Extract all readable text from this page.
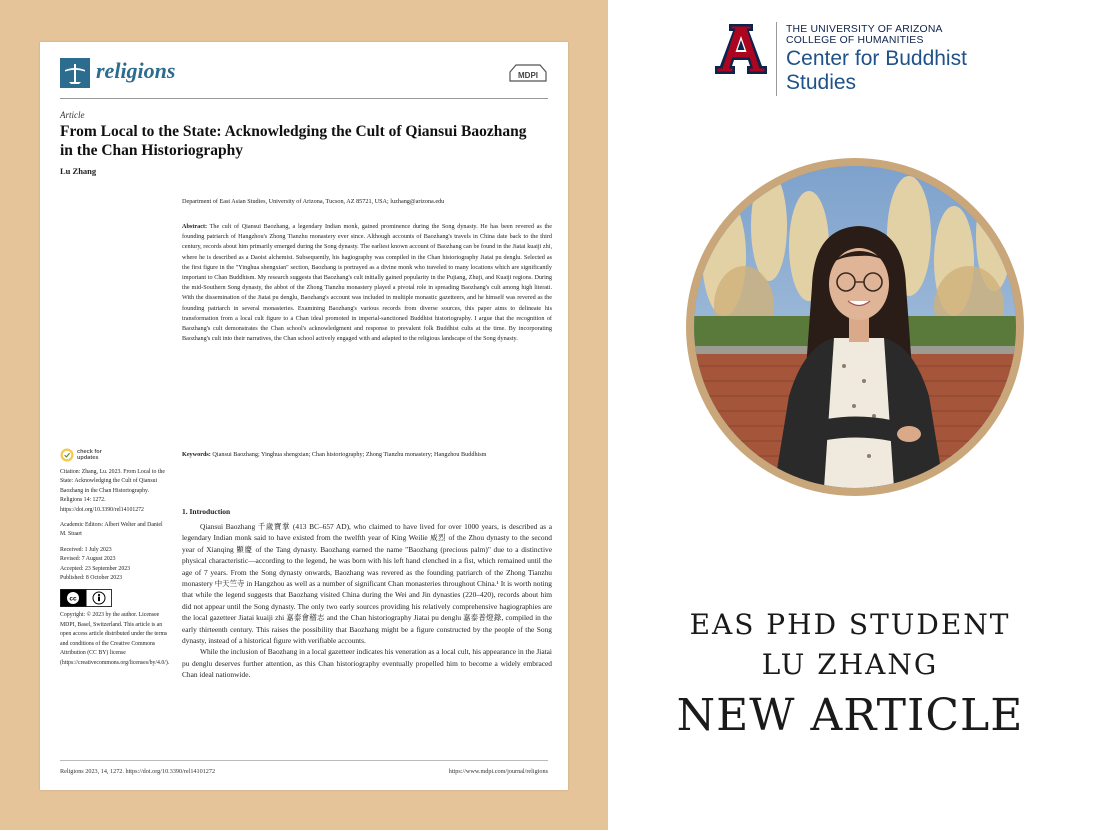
religions	MDPI
Article
From Local to the State: Acknowledging the Cult of Qiansui Baozhang in the Chan Historiography
Lu Zhang
Department of East Asian Studies, University of Arizona, Tucson, AZ 85721, USA; luzhang@arizona.edu
Abstract: The cult of Qiansui Baozhang, a legendary Indian monk, gained prominence during the Song dynasty. He has been revered as the founding patriarch of Hangzhou's Zhong Tianzhu monastery ever since. Although accounts of Baozhang's travels in China date back to the third century, records about him primarily emerged during the Song dynasty. The earliest known account of Baozhang can be found in the Jiatai kuaiji zhi, where he is described as a Daoist alchemist. Subsequently, his hagiography was compiled in the Chan historiography Jiatai pu denglu. Selected as the first figure in the "Yinghua shengxian" section, Baozhang is portrayed as a divine monk who traveled to many locations which are significantly important to Chan Buddhism. My research suggests that Baozhang's cult initially gained popularity in the Pujiang, Zhuji, and Kuaiji regions. During the mid-Southern Song dynasty, the abbot of the Zhong Tianzhu monastery played a pivotal role in spreading Baozhang's cult among high literati. With the dissemination of the Jiatai pu denglu, Baozhang's account was included in multiple monastic gazetteers, and he himself was revered as the founding patriarch in several monasteries. Examining Baozhang's various records from diverse sources, this paper aims to delineate his transformation from a local cult figure to a Chan ideal promoted in imperial-sanctioned Buddhist historiography. I argue that the recognition of Baozhang's cult demonstrates the Chan school's acknowledgment and response to prevalent folk Buddhist cults at the time. By incorporating Baozhang's cult into their narratives, the Chan school actively engaged with and adapted to the religious landscape of the Song dynasty.
Keywords: Qiansui Baozhang; Yinghua shengxian; Chan historiography; Zhong Tianzhu monastery; Hangzhou Buddhism
check for
updates
Citation: Zhang, Lu. 2023. From Local to the State: Acknowledging the Cult of Qiansui Baozhang in the Chan Historiography. Religions 14: 1272. https://doi.org/10.3390/rel14101272
Academic Editors: Albert Welter and Daniel M. Stuart
Received: 1 July 2023
Revised: 7 August 2023
Accepted: 23 September 2023
Published: 8 October 2023
cc
Copyright: © 2023 by the author. Licensee MDPI, Basel, Switzerland. This article is an open access article distributed under the terms and conditions of the Creative Commons Attribution (CC BY) license (https://creativecommons.org/licenses/by/4.0/).
1. Introduction

Qiansui Baozhang 千歲寶掌 (413 BC–657 AD), who claimed to have lived for over 1000 years, is described as a legendary Indian monk said to have existed from the twelfth year of King Weilie 威烈 of the Zhou dynasty to the second year of Xianqing 顯慶 of the Tang dynasty. Baozhang earned the name "Baozhang (precious palm)" due to a distinctive physical characteristic—according to the legend, he was born with his left hand clenched in a fist, which remained until the age of 7 years. From the Song dynasty onwards, Baozhang was revered as the founding patriarch of the Zhong Tianzhu monastery 中天竺寺 in Hangzhou as well as a number of significant Chan monasteries throughout China.¹ It is worth noting that while the legend suggests that Baozhang visited China during the Wei and Jin dynasties (220–420), records about him did not appear until the Song dynasty. The only two early sources providing his relatively comprehensive hagiographies are the local gazetteer Jiatai kuaiji zhi 嘉泰會稽志 and the Chan historiography Jiatai pu denglu 嘉泰普燈錄, compiled in the early thirteenth century. This raises the possibility that Baozhang might be a figure constructed by the people of the Song dynasty, instead of a historical figure with verifiable accounts.

While the inclusion of Baozhang in a local gazetteer indicates his veneration as a local cult, his appearance in the Jiatai pu denglu deserves further attention, as this Chan historiography eventually propelled him to become a widely embraced Chan ideal nationwide.

Religions 2023, 14, 1272. https://doi.org/10.3390/rel14101272	https://www.mdpi.com/journal/religions
THE UNIVERSITY OF ARIZONA
COLLEGE OF HUMANITIES
Center for Buddhist
Studies
EAS PHD STUDENT
LU ZHANG
NEW ARTICLE
